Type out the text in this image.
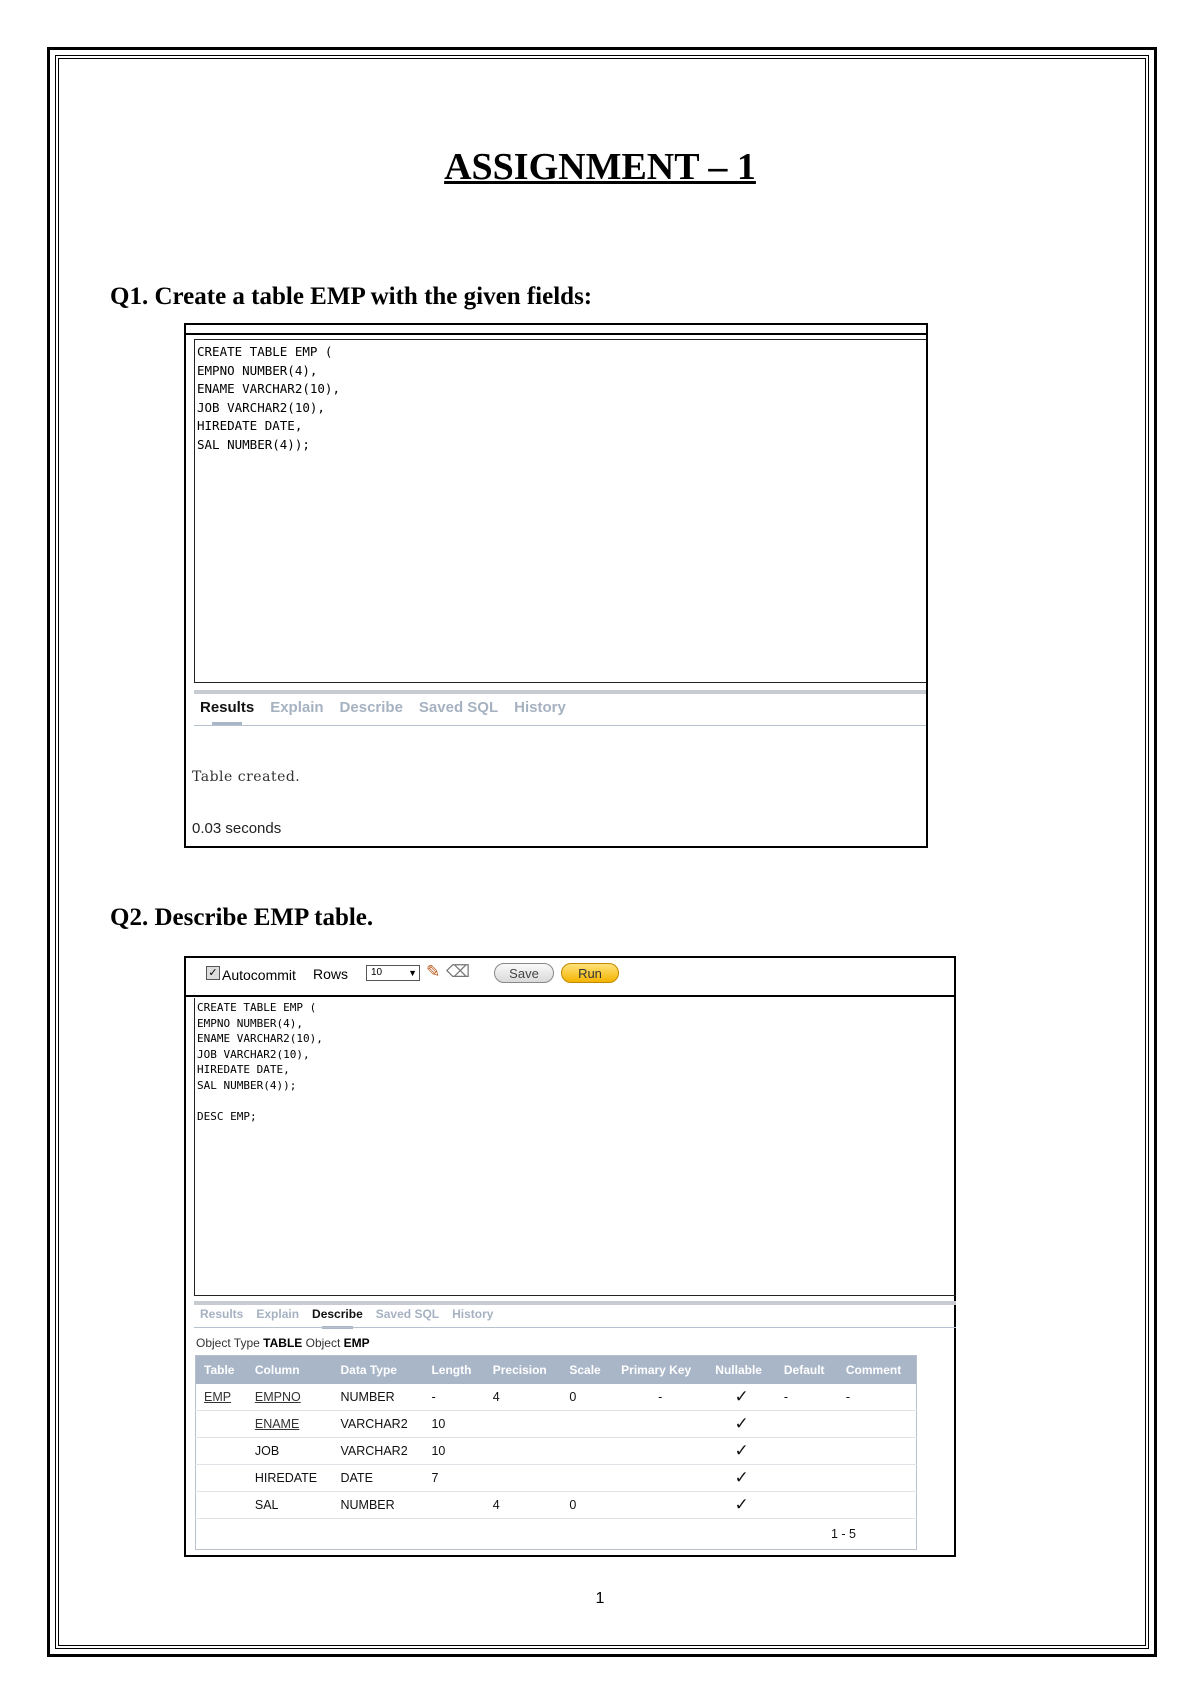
ASSIGNMENT – 1
Q1. Create a table EMP with the given fields:
CREATE TABLE EMP (
EMPNO NUMBER(4),
ENAME VARCHAR2(10),
JOB VARCHAR2(10),
HIREDATE DATE,
SAL NUMBER(4));
Results Explain Describe Saved SQL History
Table created.
0.03 seconds
Q2. Describe EMP table.
✓ Autocommit Rows	10	▼ ✎ ⌫	Save	Run
CREATE TABLE EMP (
EMPNO NUMBER(4),
ENAME VARCHAR2(10),
JOB VARCHAR2(10),
HIREDATE DATE,
SAL NUMBER(4));

DESC EMP;
Results Explain Describe Saved SQL History
Object Type TABLE Object EMP
Table	Column	Data Type	Length	Precision	Scale	Primary Key	Nullable	Default	Comment
EMP	EMPNO	NUMBER	-	4	0	-	✓	-	-
	ENAME	VARCHAR2	10				✓		
	JOB	VARCHAR2	10				✓		
	HIREDATE	DATE	7				✓		
	SAL	NUMBER		4	0		✓		
1 - 5									
1
